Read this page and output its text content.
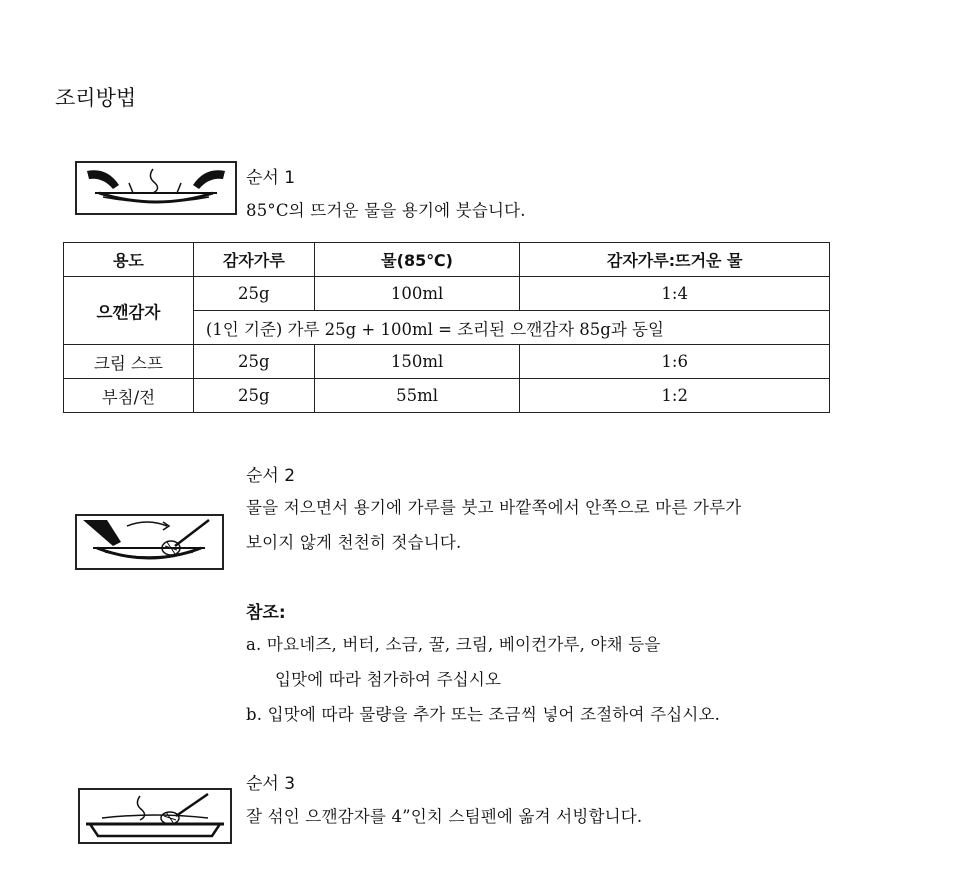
조리방법
순서 1
85°C의 뜨거운 물을 용기에 붓습니다.
용도	감자가루	물(85℃)	감자가루:뜨거운 물
으깬감자	25g	100ml	1:4
	(1인 기준) 가루 25g + 100ml = 조리된 으깬감자 85g과 동일		
크림 스프	25g	150ml	1:6
부침/전	25g	55ml	1:2
순서 2
물을 저으면서 용기에 가루를 붓고 바깥쪽에서 안쪽으로 마른 가루가
보이지 않게 천천히 젓습니다.
참조:
a. 마요네즈, 버터, 소금, 꿀, 크림, 베이컨가루, 야채 등을
입맛에 따라 첨가하여 주십시오
b. 입맛에 따라 물량을 추가 또는 조금씩 넣어 조절하여 주십시오.
순서 3
잘 섞인 으깬감자를 4”인치 스팀펜에 옮겨 서빙합니다.
